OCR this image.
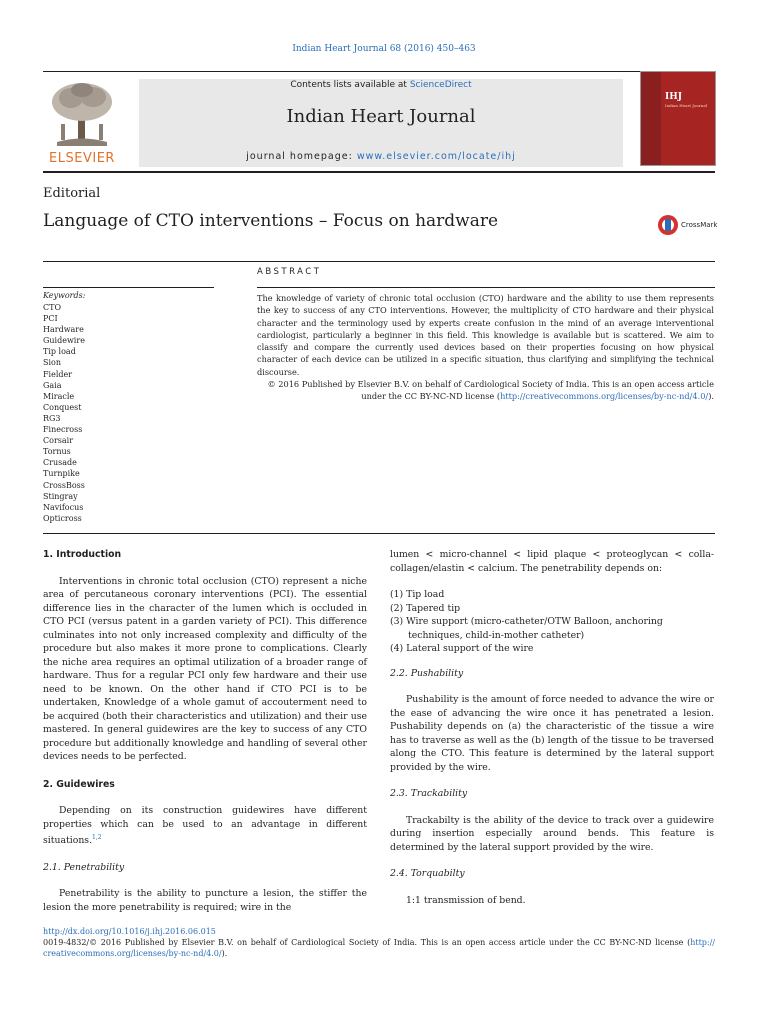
Indian Heart Journal 68 (2016) 450–463
ELSEVIER
Contents lists available at ScienceDirect
Indian Heart Journal
journal homepage: www.elsevier.com/locate/ihj
IHJ
Indian Heart Journal
Editorial
Language of CTO interventions – Focus on hardware	CrossMark
ABSTRACT
Keywords:
CTO
PCI
Hardware
Guidewire
Tip load
Sion
Fielder
Gaia
Miracle
Conquest
RG3
Finecross
Corsair
Tornus
Crusade
Turnpike
CrossBoss
Stingray
Navifocus
Opticross
The knowledge of variety of chronic total occlusion (CTO) hardware and the ability to use them represents the key to success of any CTO interventions. However, the multiplicity of CTO hardware and their physical character and the terminology used by experts create confusion in the mind of an average interventional cardiologist, particularly a beginner in this field. This knowledge is available but is scattered. We aim to classify and compare the currently used devices based on their properties focusing on how physical character of each device can be utilized in a specific situation, thus clarifying and simplifying the technical discourse.
© 2016 Published by Elsevier B.V. on behalf of Cardiological Society of India. This is an open access article
under the CC BY-NC-ND license (http://creativecommons.org/licenses/by-nc-nd/4.0/).

1. Introduction

Interventions in chronic total occlusion (CTO) represent a niche area of percutaneous coronary interventions (PCI). The essential difference lies in the character of the lumen which is occluded in CTO PCI (versus patent in a garden variety of PCI). This difference culminates into not only increased complexity and difficulty of the procedure but also makes it more prone to complications. Clearly the niche area requires an optimal utilization of a broader range of hardware. Thus for a regular PCI only few hardware and their use need to be known. On the other hand if CTO PCI is to be undertaken, Knowledge of a whole gamut of accouterment need to be acquired (both their characteristics and utilization) and their use mastered. In general guidewires are the key to success of any CTO procedure but additionally knowledge and handling of several other devices needs to be perfected.

2. Guidewires

Depending on its construction guidewires have different properties which can be used to an advantage in different situations.$^{1,2}$

2.1. Penetrability

Penetrability is the ability to puncture a lesion, the stiffer the lesion the more penetrability is required; wire in the

lumen < micro-channel < lipid plaque < proteoglycan < colla-collagen/elastin < calcium. The penetrability depends on:

(1) Tip load
(2) Tapered tip
(3) Wire support (micro-catheter/OTW Balloon, anchoring techniques, child-in-mother catheter)
(4) Lateral support of the wire

2.2. Pushability

Pushability is the amount of force needed to advance the wire or the ease of advancing the wire once it has penetrated a lesion. Pushability depends on (a) the characteristic of the tissue a wire has to traverse as well as the (b) length of the tissue to be traversed along the CTO. This feature is determined by the lateral support provided by the wire.

2.3. Trackability

Trackabilty is the ability of the device to track over a guidewire during insertion especially around bends. This feature is determined by the lateral support provided by the wire.

2.4. Torquabilty

1:1 transmission of bend.

http://dx.doi.org/10.1016/j.ihj.2016.06.015
0019-4832/© 2016 Published by Elsevier B.V. on behalf of Cardiological Society of India. This is an open access article under the CC BY-NC-ND license (http:// creativecommons.org/licenses/by-nc-nd/4.0/).
